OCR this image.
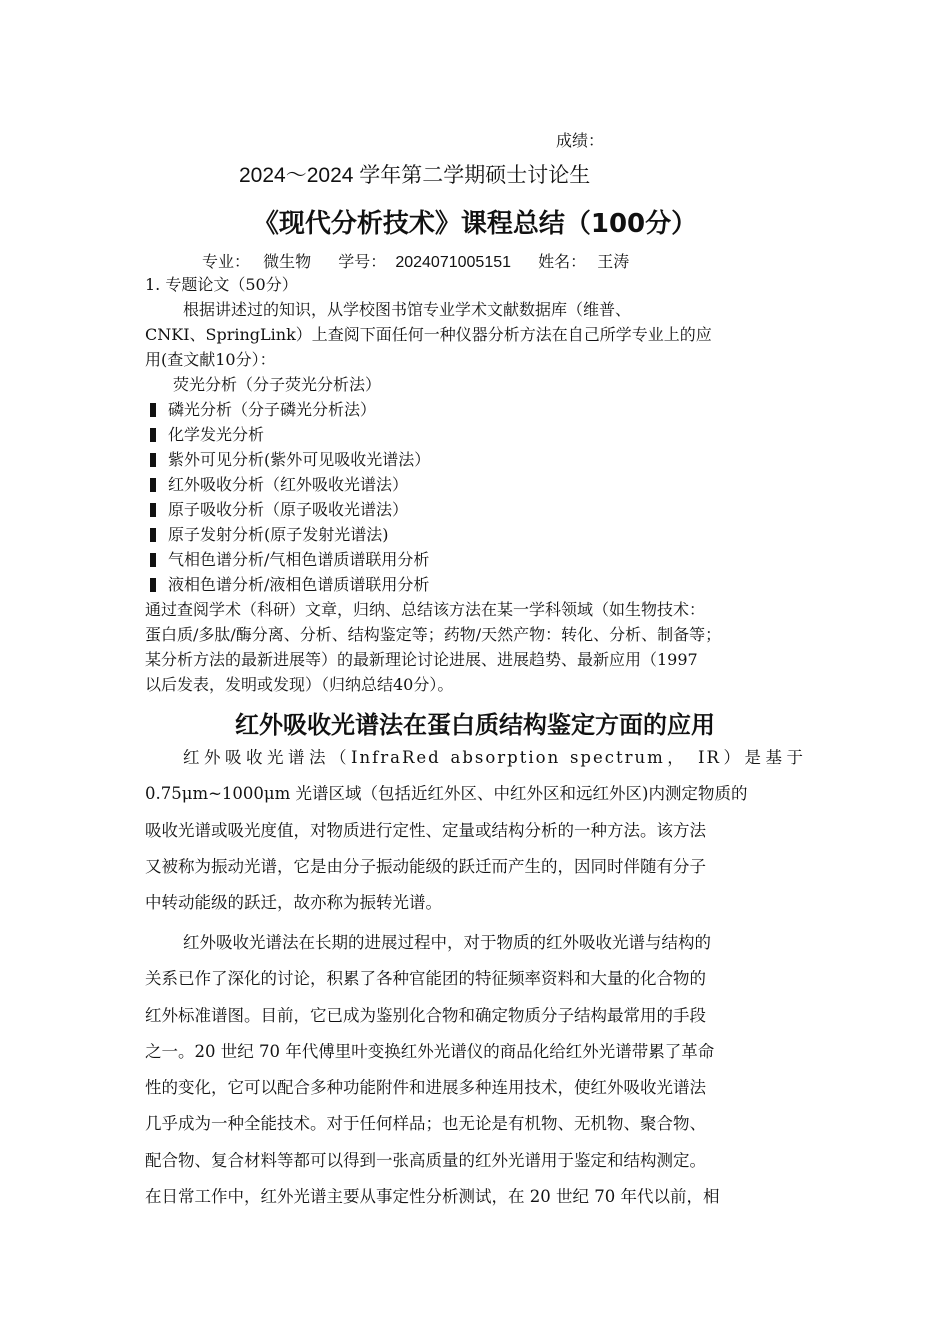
成绩：
2024～2024 学年第二学期硕士讨论生
《现代分析技术》课程总结（100分）
专业： 微生物 学号： 2024071005151 姓名： 王涛
1. 专题论文（50分）
根据讲述过的知识，从学校图书馆专业学术文献数据库（维普、
CNKI、SpringLink）上查阅下面任何一种仪器分析方法在自己所学专业上的应
用(查文献10分）：
荧光分析（分子荧光分析法）
磷光分析（分子磷光分析法）
化学发光分析
紫外可见分析(紫外可见吸收光谱法）
红外吸收分析（红外吸收光谱法）
原子吸收分析（原子吸收光谱法）
原子发射分析(原子发射光谱法)
气相色谱分析/气相色谱质谱联用分析
液相色谱分析/液相色谱质谱联用分析
通过查阅学术（科研）文章，归纳、总结该方法在某一学科领域（如生物技术：
蛋白质/多肽/酶分离、分析、结构鉴定等；药物/天然产物：转化、分析、制备等；
某分析方法的最新进展等）的最新理论讨论进展、进展趋势、最新应用（1997
以后发表，发明或发现）（归纳总结40分）。
红外吸收光谱法在蛋白质结构鉴定方面的应用
红外吸收光谱法（InfraRed absorption spectrum， IR）是基于
0.75μm~1000μm 光谱区域（包括近红外区、中红外区和远红外区)内测定物质的
吸收光谱或吸光度值，对物质进行定性、定量或结构分析的一种方法。该方法
又被称为振动光谱，它是由分子振动能级的跃迁而产生的，因同时伴随有分子
中转动能级的跃迁，故亦称为振转光谱。
红外吸收光谱法在长期的进展过程中，对于物质的红外吸收光谱与结构的
关系已作了深化的讨论，积累了各种官能团的特征频率资料和大量的化合物的
红外标准谱图。目前，它已成为鉴别化合物和确定物质分子结构最常用的手段
之一。20 世纪 70 年代傅里叶变换红外光谱仪的商品化给红外光谱带累了革命
性的变化，它可以配合多种功能附件和进展多种连用技术，使红外吸收光谱法
几乎成为一种全能技术。对于任何样品；也无论是有机物、无机物、聚合物、
配合物、复合材料等都可以得到一张高质量的红外光谱用于鉴定和结构测定。
在日常工作中，红外光谱主要从事定性分析测试，在 20 世纪 70 年代以前，相
